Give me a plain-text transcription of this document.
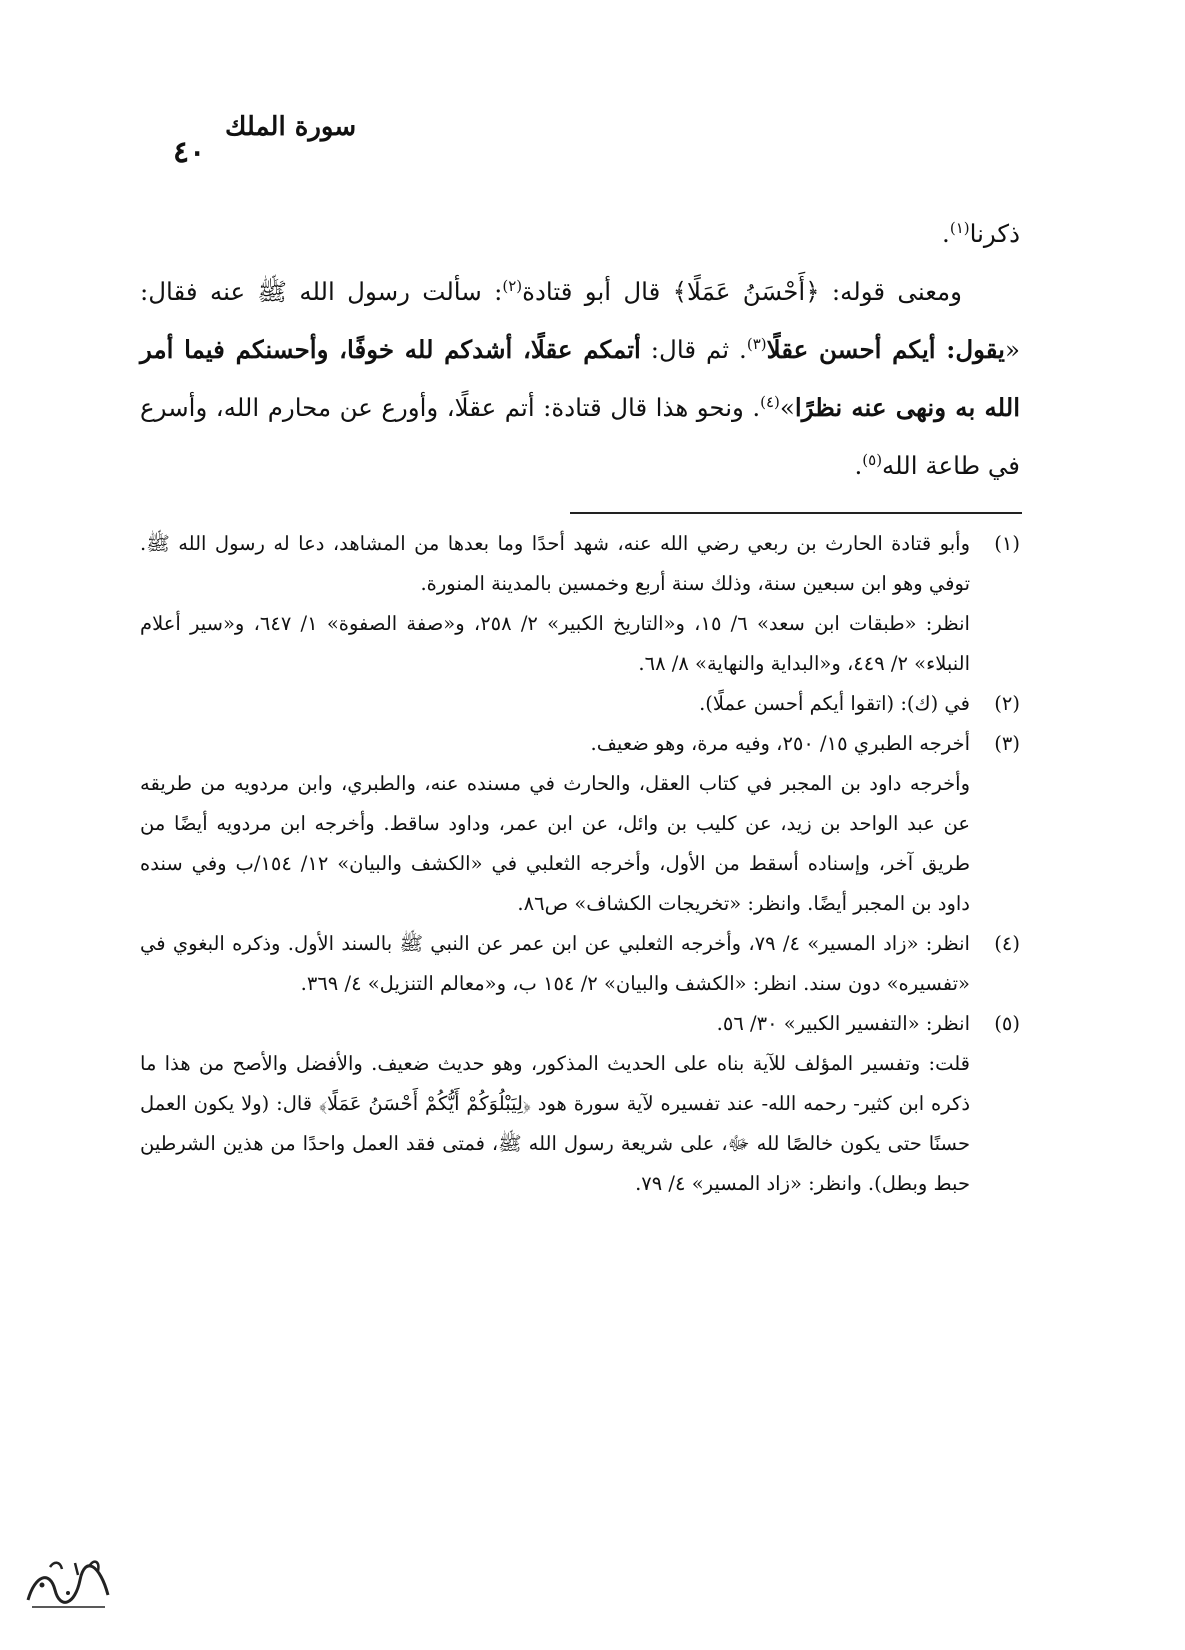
٤٠
سورة الملك

ذكرنا$^{(١)}$.

ومعنى قوله: ﴿أَحْسَنُ عَمَلًا﴾ قال أبو قتادة$^{(٢)}$: سألت رسول الله ﷺ عنه فقال: «يقول: أيكم أحسن عقلًا$^{(٣)}$. ثم قال: أتمكم عقلًا، أشدكم لله خوفًا، وأحسنكم فيما أمر الله به ونهى عنه نظرًا»$^{(٤)}$. ونحو هذا قال قتادة: أتم عقلًا، وأورع عن محارم الله، وأسرع في طاعة الله$^{(٥)}$.

(١)

وأبو قتادة الحارث بن ربعي رضي الله عنه، شهد أحدًا وما بعدها من المشاهد، دعا له رسول الله ﷺ. توفي وهو ابن سبعين سنة، وذلك سنة أربع وخمسين بالمدينة المنورة.

انظر: «طبقات ابن سعد» ٦/ ١٥، و«التاريخ الكبير» ٢/ ٢٥٨، و«صفة الصفوة» ١/ ٦٤٧، و«سير أعلام النبلاء» ٢/ ٤٤٩، و«البداية والنهاية» ٨/ ٦٨.

(٢)

في (ك): (اتقوا أيكم أحسن عملًا).

(٣)

أخرجه الطبري ١٥/ ٢٥٠، وفيه مرة، وهو ضعيف.

وأخرجه داود بن المجبر في كتاب العقل، والحارث في مسنده عنه، والطبري، وابن مردويه من طريقه عن عبد الواحد بن زيد، عن كليب بن وائل، عن ابن عمر، وداود ساقط. وأخرجه ابن مردويه أيضًا من طريق آخر، وإسناده أسقط من الأول، وأخرجه الثعلبي في «الكشف والبيان» ١٢/ ١٥٤/ب وفي سنده داود بن المجبر أيضًا. وانظر: «تخريجات الكشاف» ص٨٦.

(٤)

انظر: «زاد المسير» ٤/ ٧٩، وأخرجه الثعلبي عن ابن عمر عن النبي ﷺ بالسند الأول. وذكره البغوي في «تفسيره» دون سند. انظر: «الكشف والبيان» ٢/ ١٥٤ ب، و«معالم التنزيل» ٤/ ٣٦٩.

(٥)

انظر: «التفسير الكبير» ٣٠/ ٥٦.

قلت: وتفسير المؤلف للآية بناه على الحديث المذكور، وهو حديث ضعيف. والأفضل والأصح من هذا ما ذكره ابن كثير- رحمه الله- عند تفسيره لآية سورة هود ﴿لِيَبْلُوَكُمْ أَيُّكُمْ أَحْسَنُ عَمَلًا﴾ قال: (ولا يكون العمل حسنًا حتى يكون خالصًا لله ﷻ، على شريعة رسول الله ﷺ، فمتى فقد العمل واحدًا من هذين الشرطين حبط وبطل). وانظر: «زاد المسير» ٤/ ٧٩.
